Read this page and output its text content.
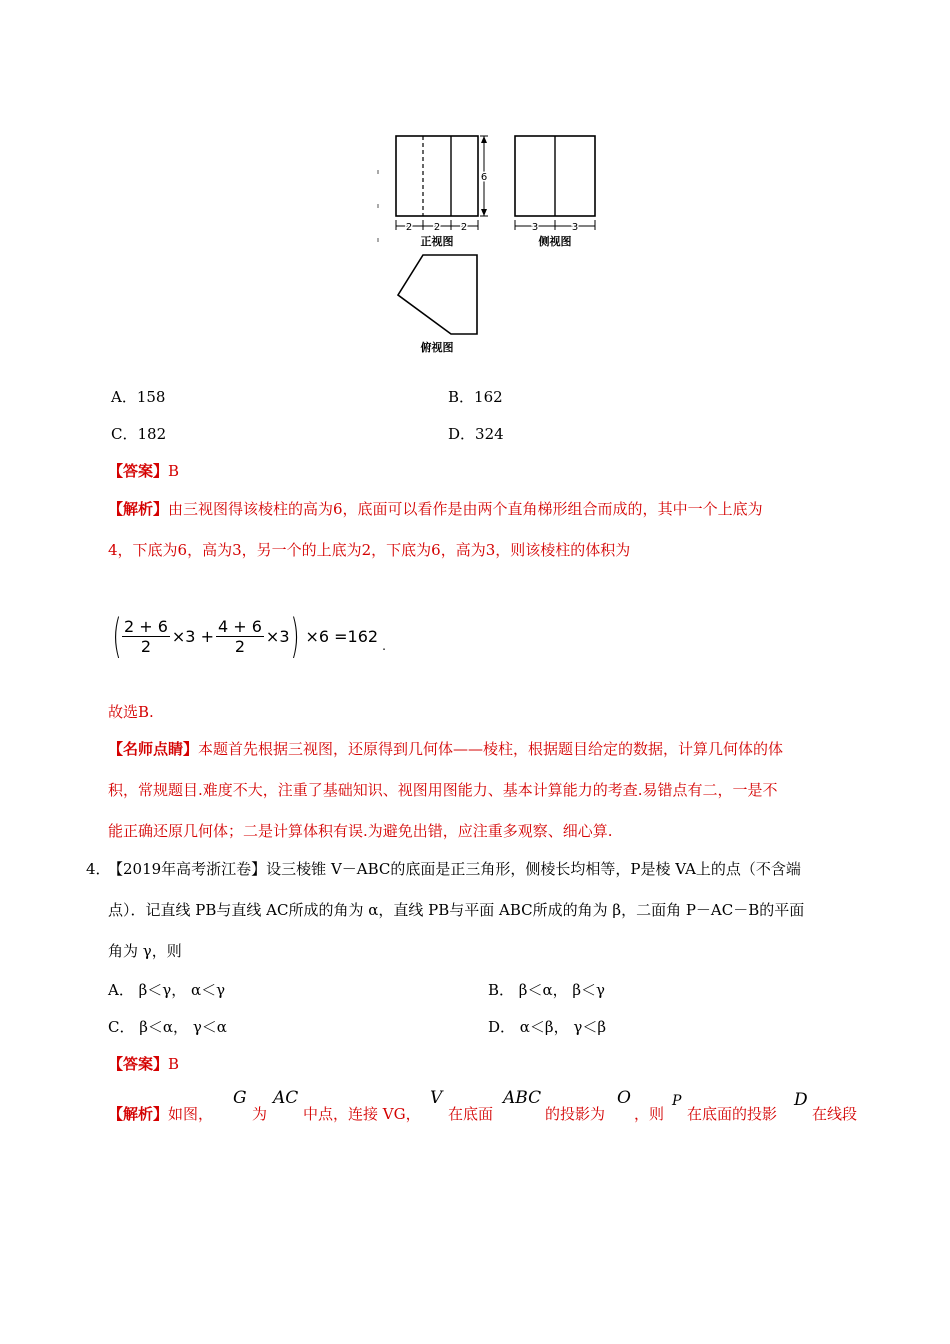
2 2 2
6
3	3
正视图	侧视图
俯视图
A．158	B．162
C．182	D．324
【答案】B
【解析】由三视图得该棱柱的高为6，底面可以看作是由两个直角梯形组合而成的，其中一个上底为
4，下底为6，高为3，另一个的上底为2，下底为6，高为3，则该棱柱的体积为
( $\frac{2 + 6}{2} \times 3 + \frac{4 + 6}{2} \times 3$ ) ×6 =162
.
故选B.
【名师点睛】本题首先根据三视图，还原得到几何体——棱柱，根据题目给定的数据，计算几何体的体
积，常规题目.难度不大，注重了基础知识、视图用图能力、基本计算能力的考查.易错点有二，一是不
能正确还原几何体；二是计算体积有误.为避免出错，应注重多观察、细心算.
4．
【2019年高考浙江卷】设三棱锥 V－ABC的底面是正三角形，侧棱长均相等，P是棱 VA上的点（不含端
点）．记直线 PB与直线 AC所成的角为 α，直线 PB与平面 ABC所成的角为 β，二面角 P－AC－B的平面
角为 γ，则
A． β＜γ， α＜γ	B． β＜α， β＜γ
C． β＜α， γ＜α	D． α＜β， γ＜β
【答案】B
【解析】如图，
G
为
AC
中点，连接 VG，
V
在底面
ABC
的投影为
O
，则
P
在底面的投影
D
在线段
